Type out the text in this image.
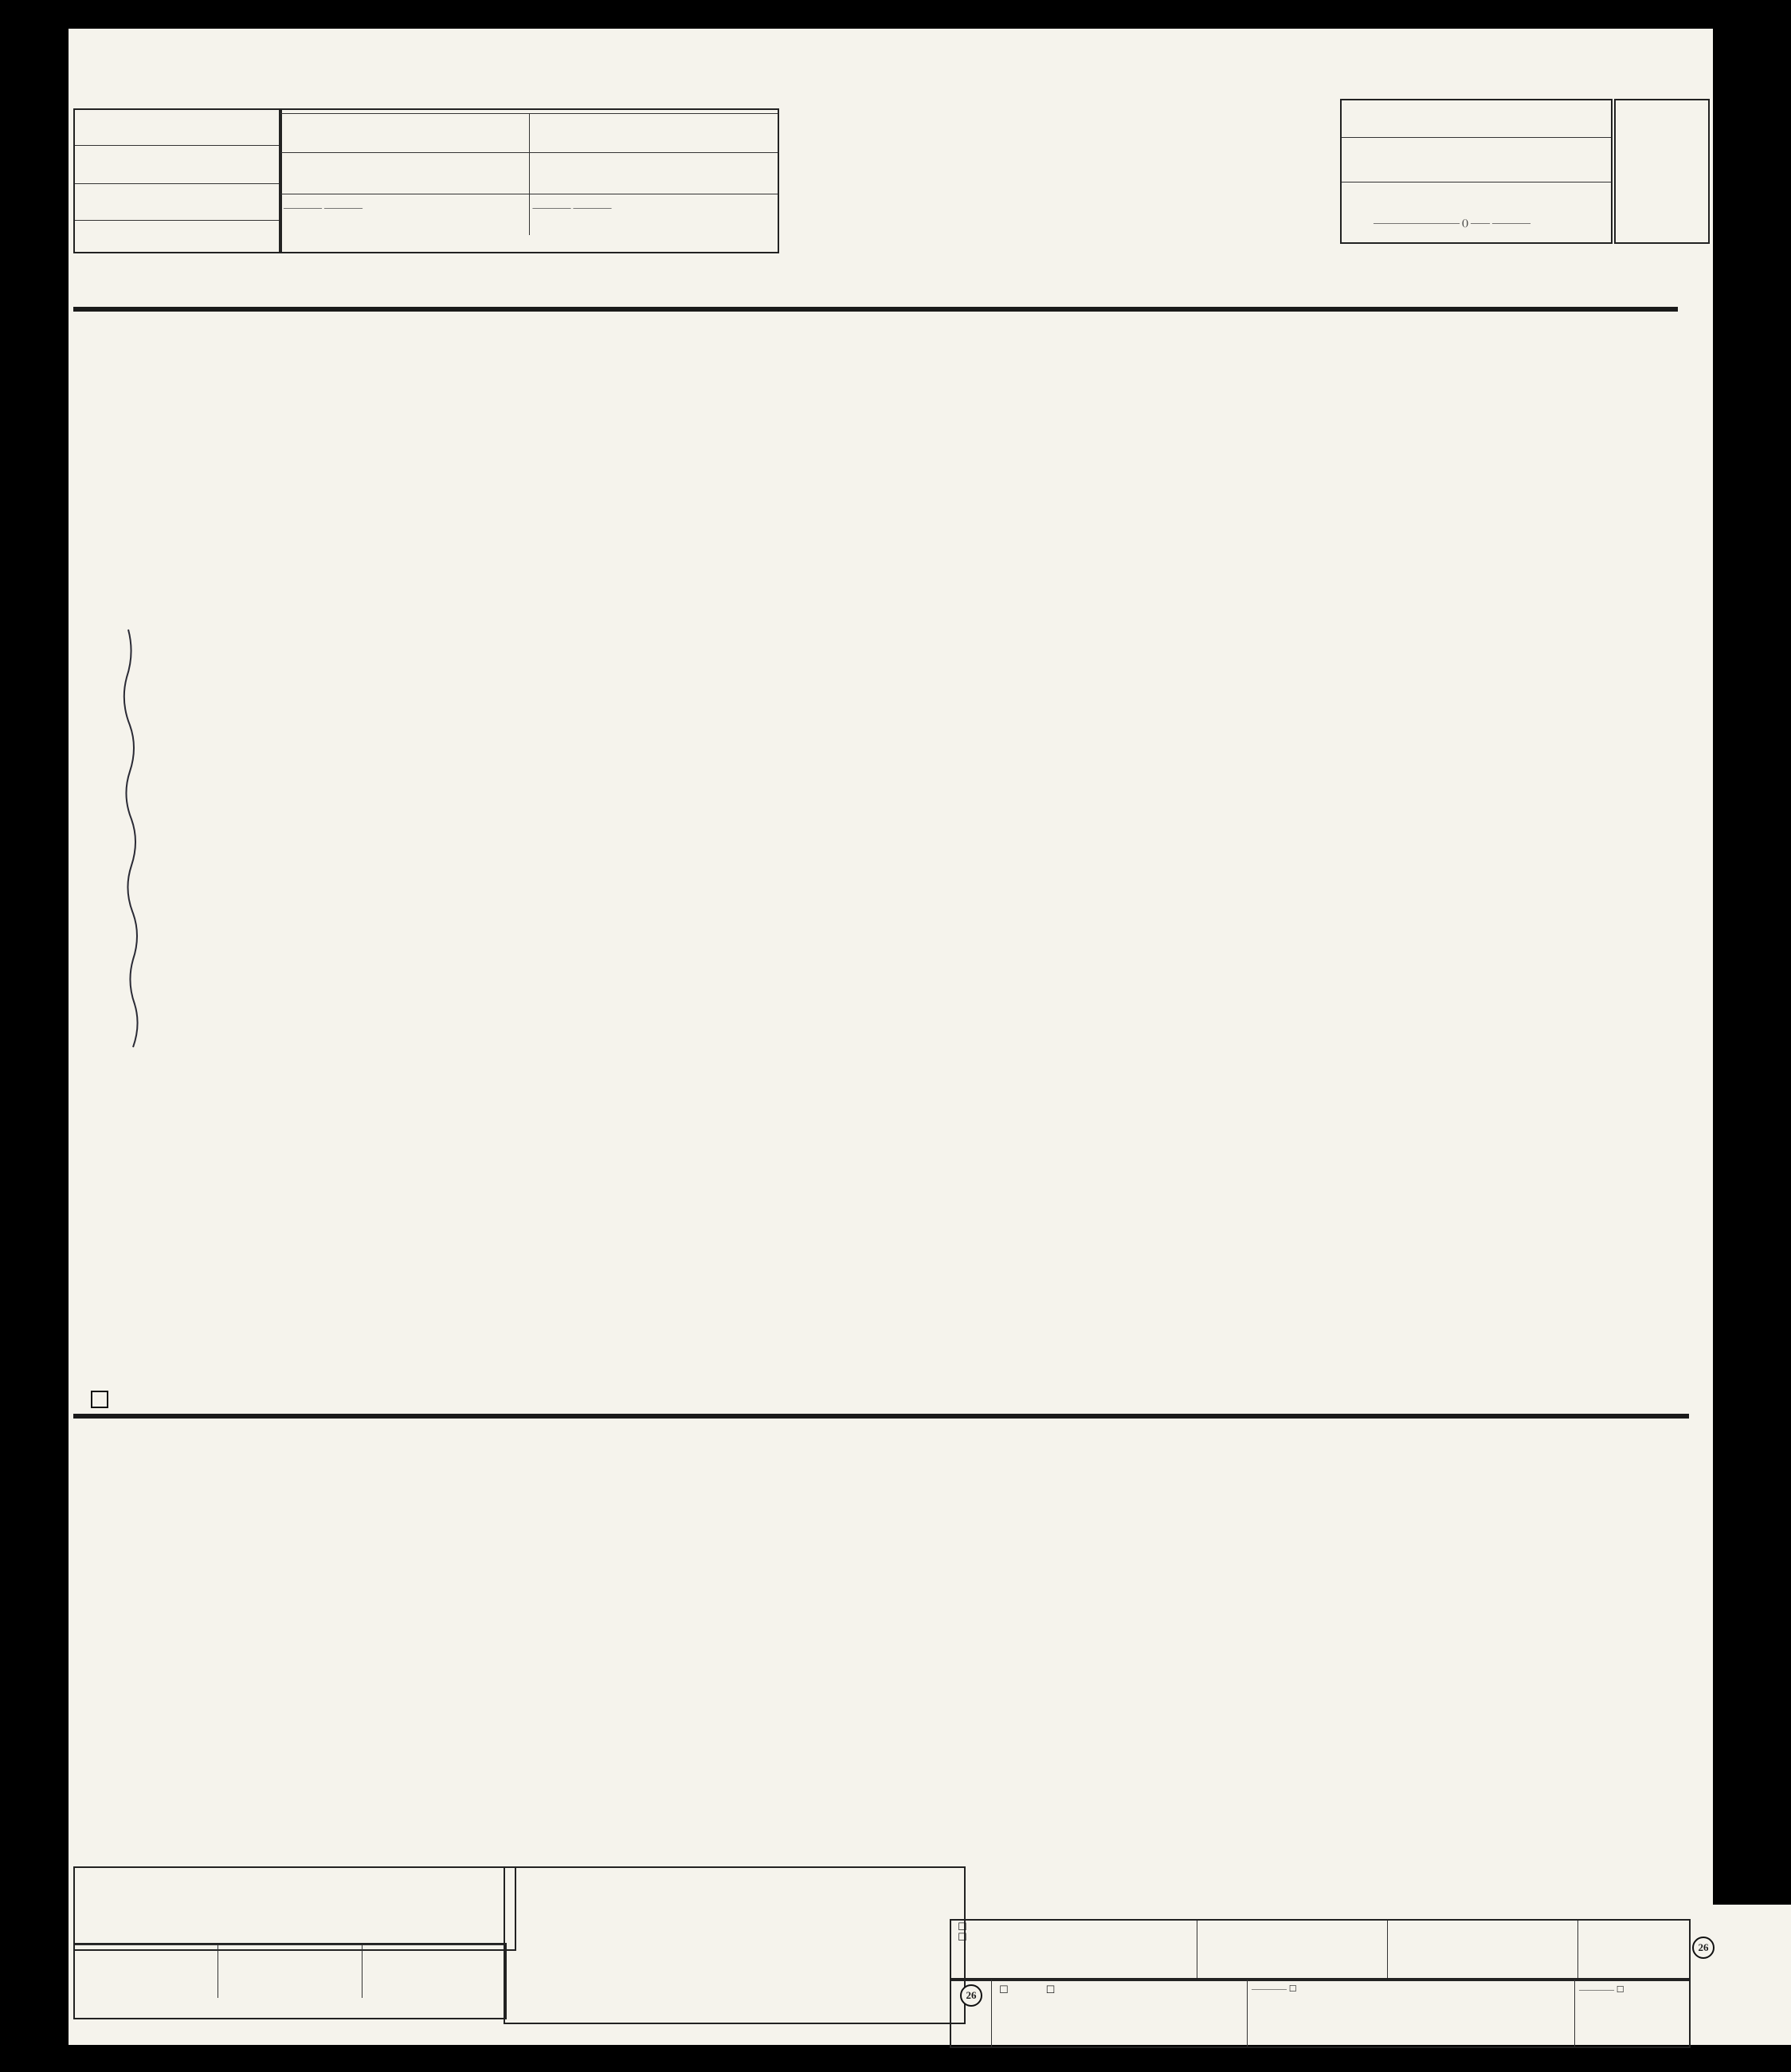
———— ————	———— ————
————————— () —— ————
☐
☐
26
26	☐	☐	———— ☐	———— ☐
